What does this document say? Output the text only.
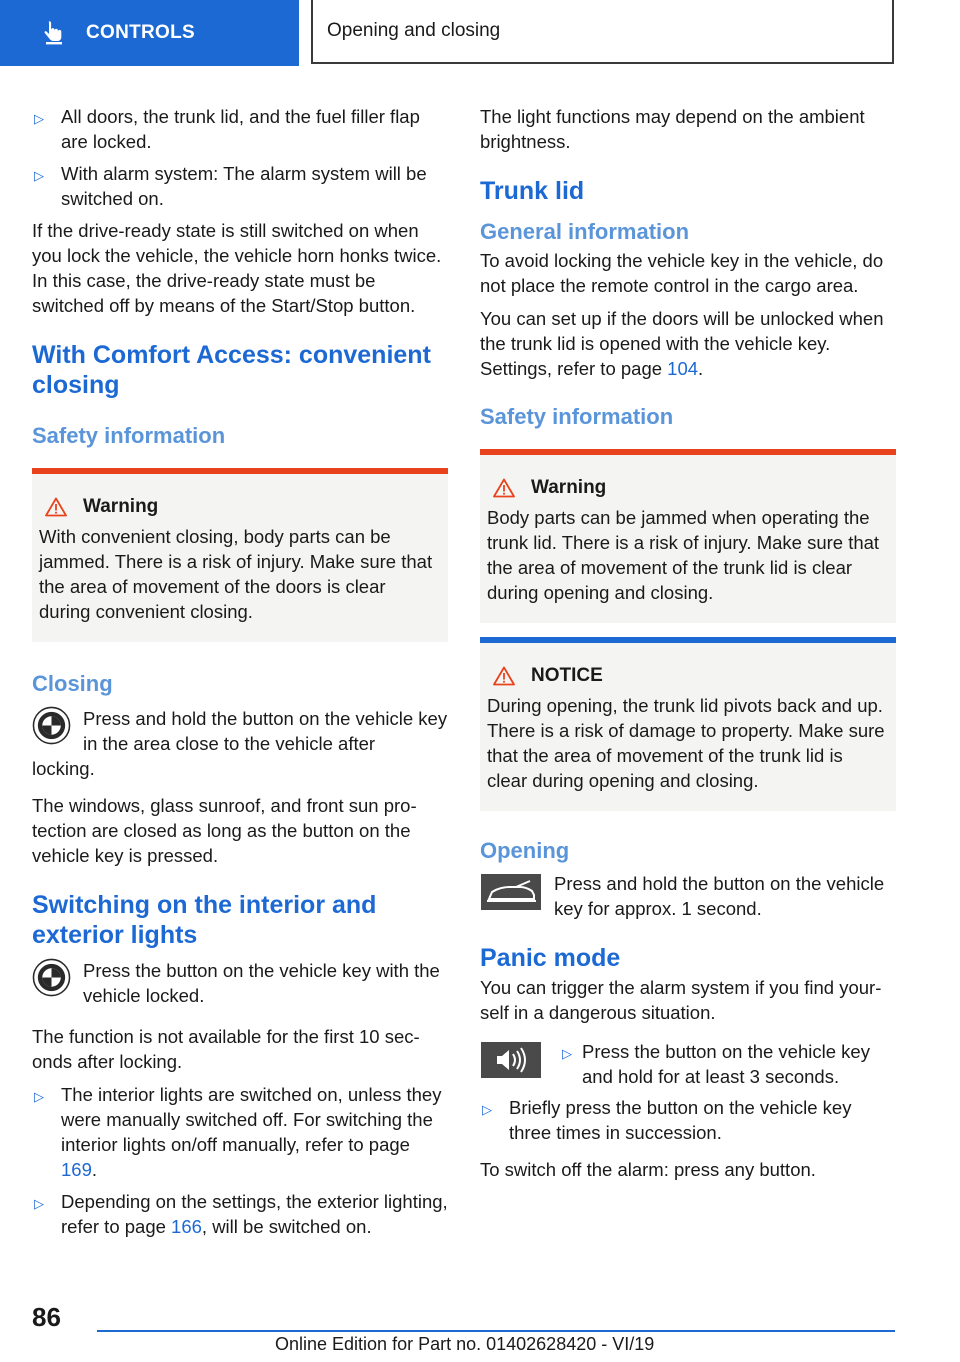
CONTROLS	Opening and closing
▷ All doors, the trunk lid, and the fuel filler flap are locked.
▷ With alarm system: The alarm system will be switched on.

If the drive-ready state is still switched on when you lock the vehicle, the vehicle horn honks twice. In this case, the drive-ready state must be switched off by means of the Start/Stop button.

With Comfort Access: convenient closing
Safety information
Warning

With convenient closing, body parts can be jammed. There is a risk of injury. Make sure that the area of movement of the doors is clear during convenient closing.

Closing
Press and hold the button on the vehicle key in the area close to the vehicle after
locking.

The windows, glass sunroof, and front sun protection are closed as long as the button on the vehicle key is pressed.

Switching on the interior and exterior lights
Press the button on the vehicle key with the vehicle locked.

The function is not available for the first 10 seconds after locking.

▷ The interior lights are switched on, unless they were manually switched off. For switching the interior lights on/off manually, refer to page 169.
▷ Depending on the settings, the exterior lighting, refer to page 166, will be switched on.

The light functions may depend on the ambient brightness.

Trunk lid
General information

To avoid locking the vehicle key in the vehicle, do not place the remote control in the cargo area.

You can set up if the doors will be unlocked when the trunk lid is opened with the vehicle key. Settings, refer to page 104.

Safety information
Warning

Body parts can be jammed when operating the trunk lid. There is a risk of injury. Make sure that the area of movement of the trunk lid is clear during opening and closing.

NOTICE

During opening, the trunk lid pivots back and up. There is a risk of damage to property. Make sure that the area of movement of the trunk lid is clear during opening and closing.

Opening
Press and hold the button on the vehicle key for approx. 1 second.
Panic mode

You can trigger the alarm system if you find yourself in a dangerous situation.

▷ Press the button on the vehicle key and hold for at least 3 seconds.
▷ Briefly press the button on the vehicle key three times in succession.

To switch off the alarm: press any button.

86
Online Edition for Part no. 01402628420 - VI/19
